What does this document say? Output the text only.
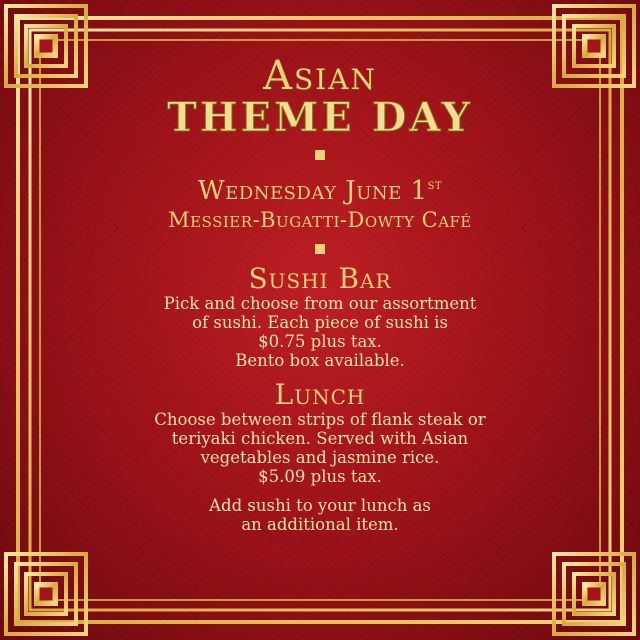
Asian
THEME DAY
Wednesday June 1st
Messier-Bugatti-Dowty Café
Sushi Bar
Pick and choose from our assortment
of sushi. Each piece of sushi is
$0.75 plus tax.
Bento box available.
Lunch
Choose between strips of flank steak or
teriyaki chicken. Served with Asian
vegetables and jasmine rice.
$5.09 plus tax.
Add sushi to your lunch as
an additional item.
